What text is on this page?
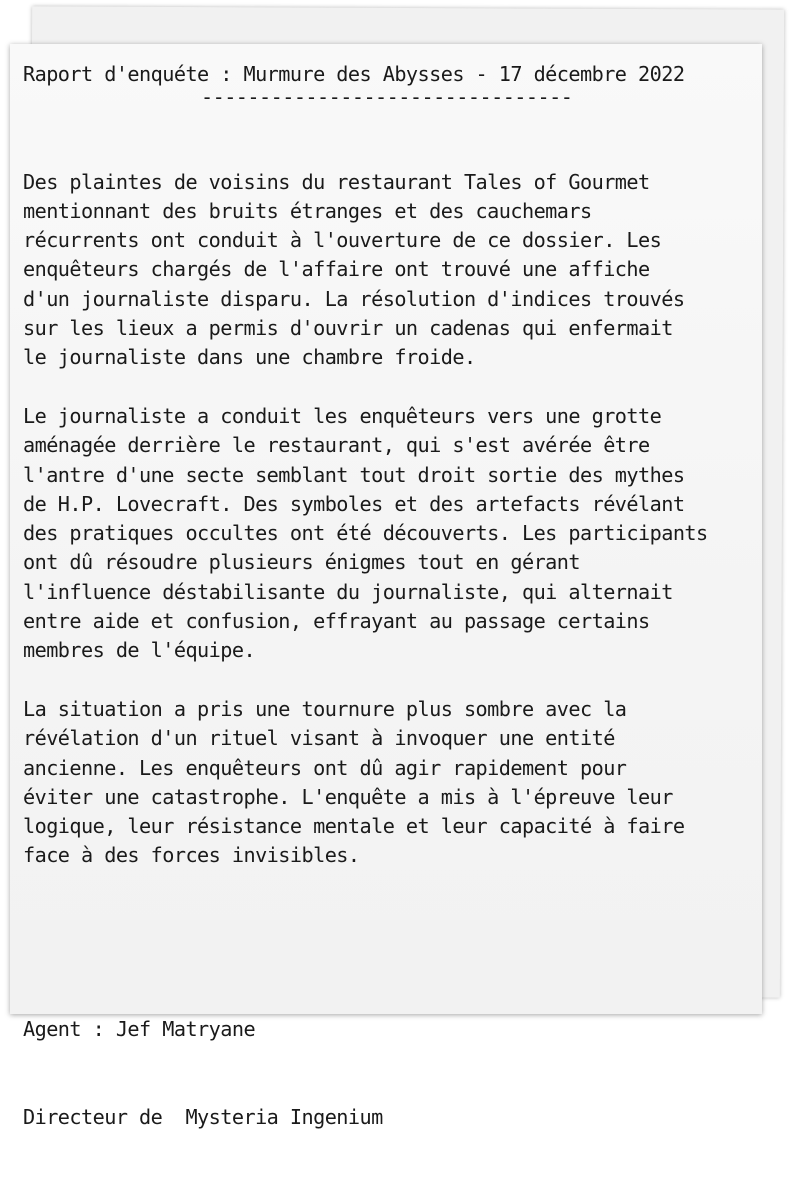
Raport d'enquéte : Murmure des Abysses - 17 décembre 2022
--------------------------------

Des plaintes de voisins du restaurant Tales of Gourmet
mentionnant des bruits étranges et des cauchemars
récurrents ont conduit à l'ouverture de ce dossier. Les
enquêteurs chargés de l'affaire ont trouvé une affiche
d'un journaliste disparu. La résolution d'indices trouvés
sur les lieux a permis d'ouvrir un cadenas qui enfermait
le journaliste dans une chambre froide.

Le journaliste a conduit les enquêteurs vers une grotte
aménagée derrière le restaurant, qui s'est avérée être
l'antre d'une secte semblant tout droit sortie des mythes
de H.P. Lovecraft. Des symboles et des artefacts révélant
des pratiques occultes ont été découverts. Les participants
ont dû résoudre plusieurs énigmes tout en gérant
l'influence déstabilisante du journaliste, qui alternait
entre aide et confusion, effrayant au passage certains
membres de l'équipe.

La situation a pris une tournure plus sombre avec la
révélation d'un rituel visant à invoquer une entité
ancienne. Les enquêteurs ont dû agir rapidement pour
éviter une catastrophe. L'enquête a mis à l'épreuve leur
logique, leur résistance mentale et leur capacité à faire
face à des forces invisibles.

Agent : Jef Matryane

Directeur de  Mysteria Ingenium
